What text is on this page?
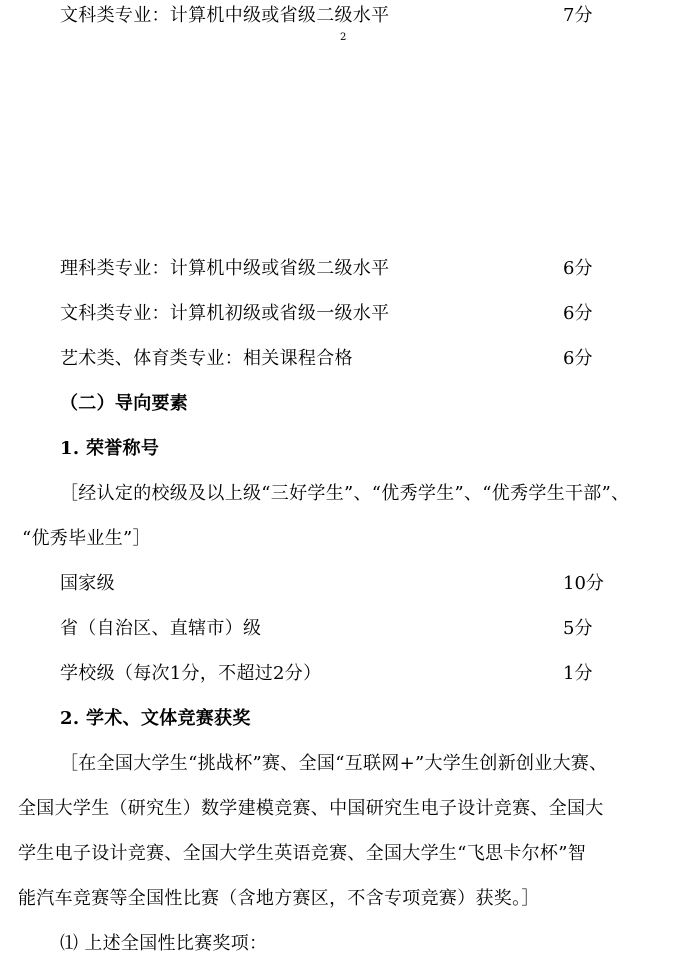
文科类专业：计算机中级或省级二级水平	7分
2
理科类专业：计算机中级或省级二级水平	6分
文科类专业：计算机初级或省级一级水平	6分
艺术类、体育类专业：相关课程合格	6分
（二）导向要素
1. 荣誉称号
［经认定的校级及以上级“三好学生”、“优秀学生”、“优秀学生干部”、
“优秀毕业生”］
国家级	10分
省（自治区、直辖市）级	5分
学校级（每次1分，不超过2分）	1分
2. 学术、文体竞赛获奖
［在全国大学生“挑战杯”赛、全国“互联网+”大学生创新创业大赛、
全国大学生（研究生）数学建模竞赛、中国研究生电子设计竞赛、全国大
学生电子设计竞赛、全国大学生英语竞赛、全国大学生“飞思卡尔杯”智
能汽车竞赛等全国性比赛（含地方赛区，不含专项竞赛）获奖。］
⑴ 上述全国性比赛奖项：
